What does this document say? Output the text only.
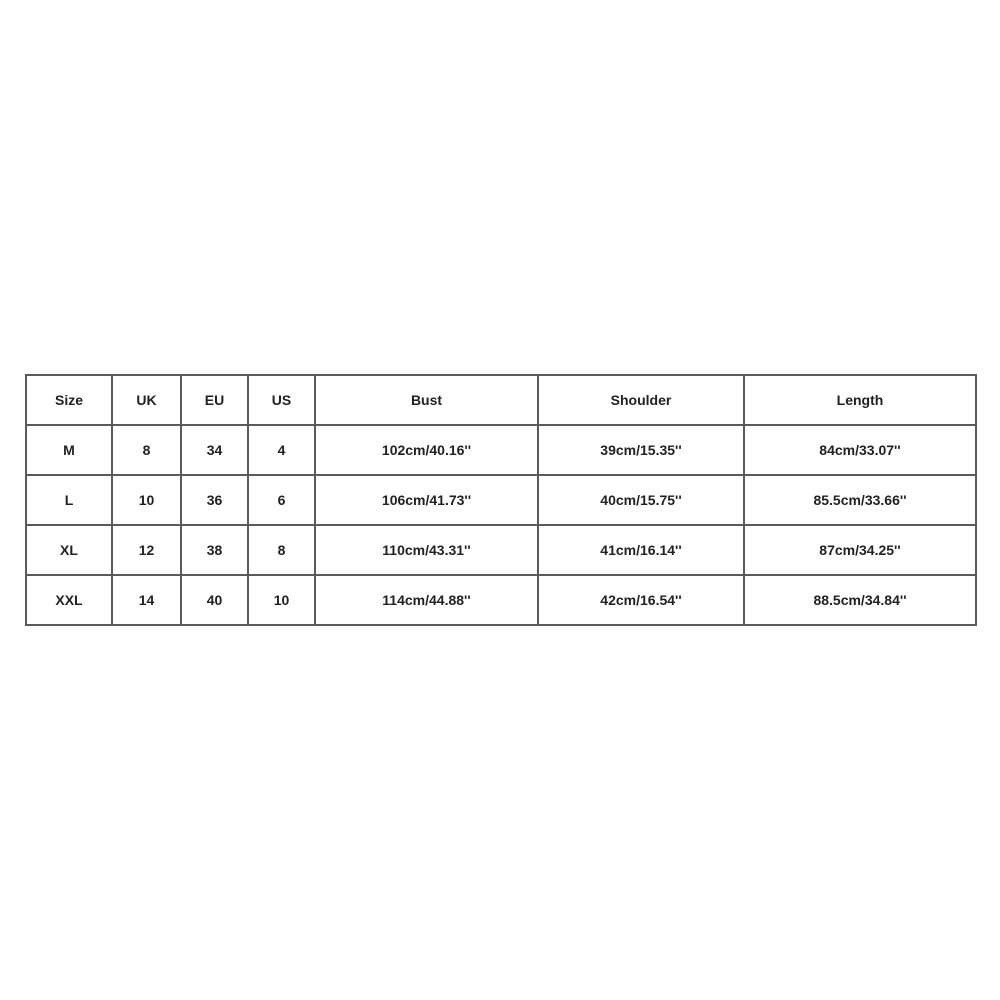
Size	UK	EU	US	Bust	Shoulder	Length
M	8	34	4	102cm/40.16''	39cm/15.35''	84cm/33.07''
L	10	36	6	106cm/41.73''	40cm/15.75''	85.5cm/33.66''
XL	12	38	8	110cm/43.31''	41cm/16.14''	87cm/34.25''
XXL	14	40	10	114cm/44.88''	42cm/16.54''	88.5cm/34.84''
